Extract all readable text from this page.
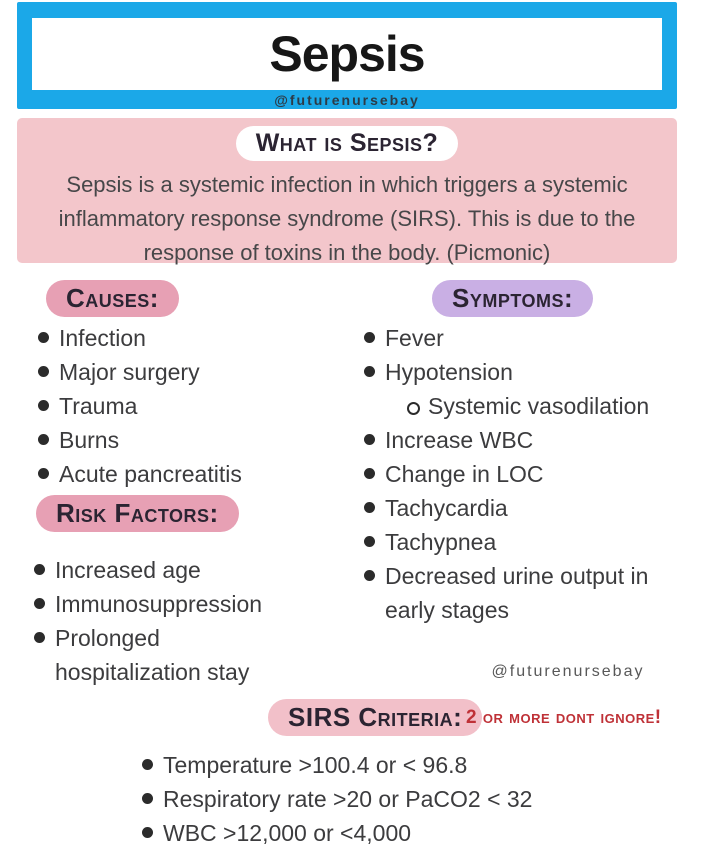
Sepsis
@futurenursebay
What is Sepsis?

Sepsis is a systemic infection in which triggers a systemic inflammatory response syndrome (SIRS). This is due to the response of toxins in the body. (Picmonic)

Causes:
Infection
Major surgery
Trauma
Burns
Acute pancreatitis
Risk Factors:
Increased age
Immunosuppression
Prolonged hospitalization stay
Symptoms:
Fever
Hypotension
Systemic vasodilation
Increase WBC
Change in LOC
Tachycardia
Tachypnea
Decreased urine output in early stages
@futurenursebay
SIRS Criteria: 2 or more dont ignore!
Temperature >100.4 or < 96.8
Respiratory rate >20 or PaCO2 < 32
WBC >12,000 or <4,000
